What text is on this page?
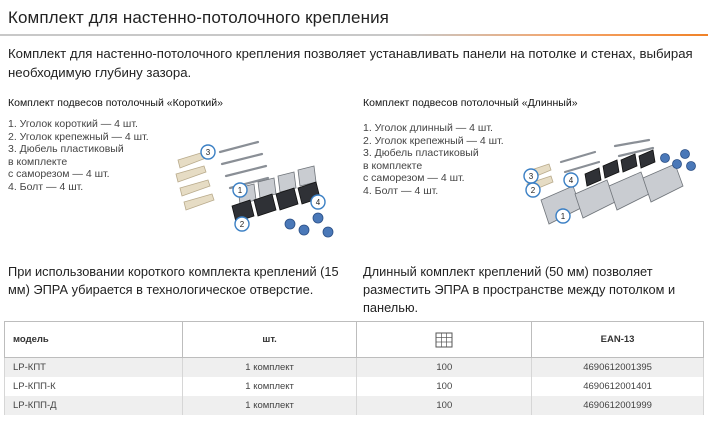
Комплект для настенно-потолочного крепления

Комплект для настенно-потолочного крепления позволяет устанавливать панели на потолке и стенах, выбирая необходимую глубину зазора.

Комплект подвесов потолочный «Короткий»
1. Уголок короткий — 4 шт.
2. Уголок крепежный — 4 шт.
3. Дюбель пластиковый
в комплекте
с саморезом — 4 шт.
4. Болт — 4 шт.
3
1
2
4
Комплект подвесов потолочный «Длинный»
1. Уголок длинный — 4 шт.
2. Уголок крепежный — 4 шт.
3. Дюбель пластиковый
в комплекте
с саморезом — 4 шт.
4. Болт — 4 шт.
3
1
2
4

При использовании короткого комплекта креплений (15 мм) ЭПРА убирается в технологическое отверстие.

Длинный комплект креплений (50 мм) позволяет разместить ЭПРА в пространстве между потолком и панелью.

модель	шт.		EAN-13
LP-КПТ	1 комплект	100	4690612001395
LP-КПП-К	1 комплект	100	4690612001401
LP-КПП-Д	1 комплект	100	4690612001999
